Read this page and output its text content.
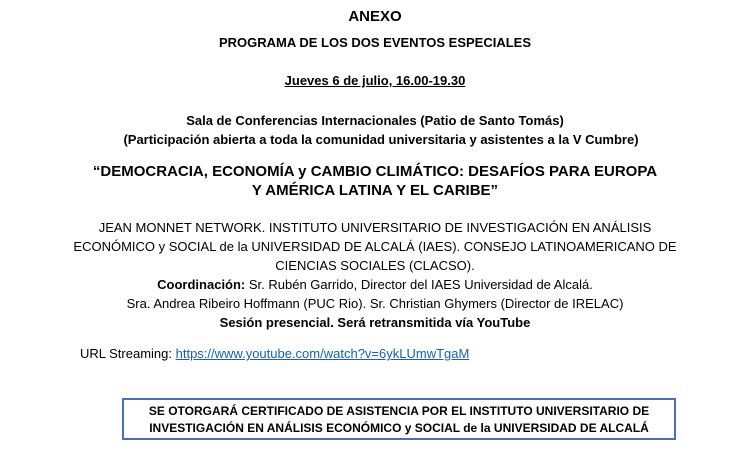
ANEXO
PROGRAMA DE LOS DOS EVENTOS ESPECIALES
Jueves 6 de julio, 16.00-19.30
Sala de Conferencias Internacionales (Patio de Santo Tomás)
(Participación abierta a toda la comunidad universitaria y asistentes a la V Cumbre)
“DEMOCRACIA, ECONOMÍA y CAMBIO CLIMÁTICO: DESAFÍOS PARA EUROPA
Y AMÉRICA LATINA Y EL CARIBE”
JEAN MONNET NETWORK. INSTITUTO UNIVERSITARIO DE INVESTIGACIÓN EN ANÁLISIS
ECONÓMICO y SOCIAL de la UNIVERSIDAD DE ALCALÁ (IAES). CONSEJO LATINOAMERICANO DE
CIENCIAS SOCIALES (CLACSO).
Coordinación: Sr. Rubén Garrido, Director del IAES Universidad de Alcalá.
Sra. Andrea Ribeiro Hoffmann (PUC Rio). Sr. Christian Ghymers (Director de IRELAC)
Sesión presencial. Será retransmitida vía YouTube
URL Streaming: https://www.youtube.com/watch?v=6ykLUmwTgaM
SE OTORGARÁ CERTIFICADO DE ASISTENCIA POR EL INSTITUTO UNIVERSITARIO DE
INVESTIGACIÓN EN ANÁLISIS ECONÓMICO y SOCIAL de la UNIVERSIDAD DE ALCALÁ
